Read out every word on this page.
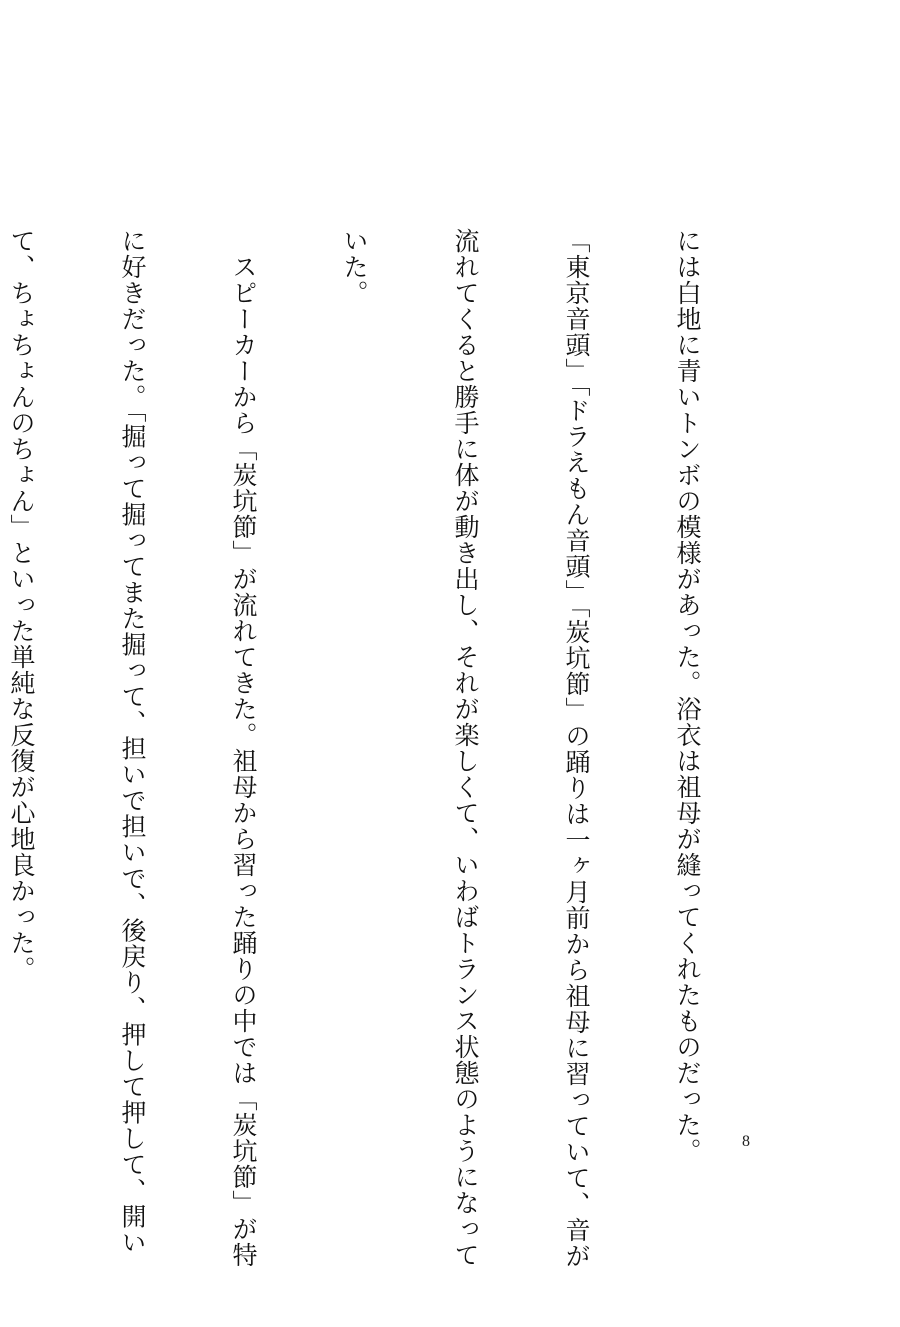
には白地に青いトンボの模様があった。浴衣は祖母が縫ってくれたものだった。

「東京音頭」「ドラえもん音頭」「炭坑節」の踊りは一ヶ月前から祖母に習っていて、音が

流れてくると勝手に体が動き出し、それが楽しくて、いわばトランス状態のようになって

いた。

　スピーカーから「炭坑節」が流れてきた。祖母から習った踊りの中では「炭坑節」が特

に好きだった。「掘って掘ってまた掘って、担いで担いで、後戻り、押して押して、開い

て、ちょちょんのちょん」といった単純な反復が心地良かった。

8
